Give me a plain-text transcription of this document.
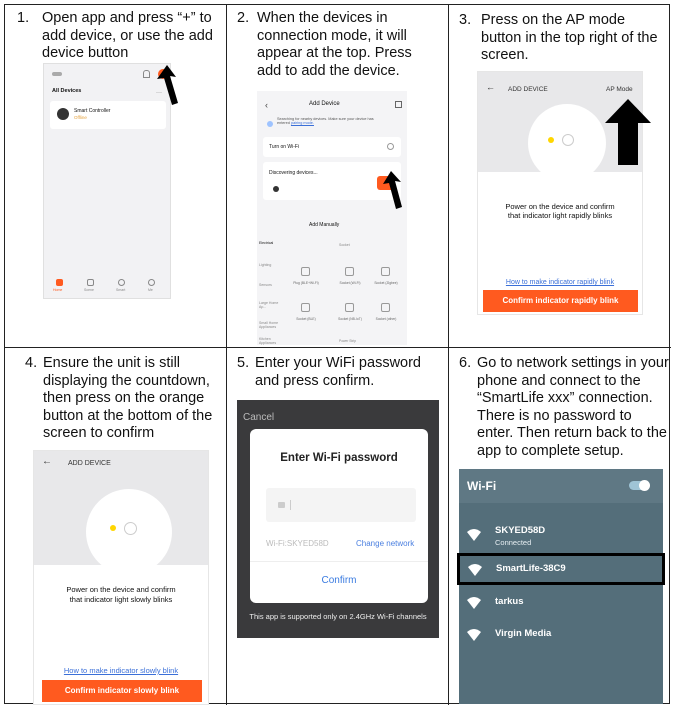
1. Open app and press “+” to
add device, or use the add
device button
All Devices	···
Smart Controller
Offline
Home	Scene	Smart	Me
2. When the devices in
connection mode, it will
appear at the top. Press
add to add the device.
‹	Add Device
Searching for nearby devices. Make sure your device has
entered pairing mode.
Turn on Wi-Fi
Discovering devices...
Add Manually
Electrical
Lighting
Sensors
Large Home Ap...
Small Home Appliances
Kitchen Appliances
Socket
Plug (BLE+Wi-Fi)	Socket (Wi-Fi)	Socket (Zigbee)
Socket (BLE)	Socket (NB-IoT)	Socket (other)
Power Strip
3. Press on the AP mode
button in the top right of the
screen.
← ADD DEVICE	AP Mode
Power on the device and confirm
that indicator light rapidly blinks
How to make indicator rapidly blink
Confirm indicator rapidly blink
4. Ensure the unit is still
displaying the countdown,
then press on the orange
button at the bottom of the
screen to confirm
← ADD DEVICE
Power on the device and confirm
that indicator light slowly blinks
How to make indicator slowly blink
Confirm indicator slowly blink
5. Enter your WiFi password
and press confirm.
Cancel
Enter Wi-Fi password
Wi-Fi:SKYED58D	Change network
Confirm
This app is supported only on 2.4GHz Wi-Fi channels
6. Go to network settings in your
phone and connect to the
“SmartLife xxx” connection.
There is no password to
enter. Then return back to the
app to complete setup.
Wi-Fi
SKYED58D
Connected
SmartLife-38C9
tarkus
Virgin Media
